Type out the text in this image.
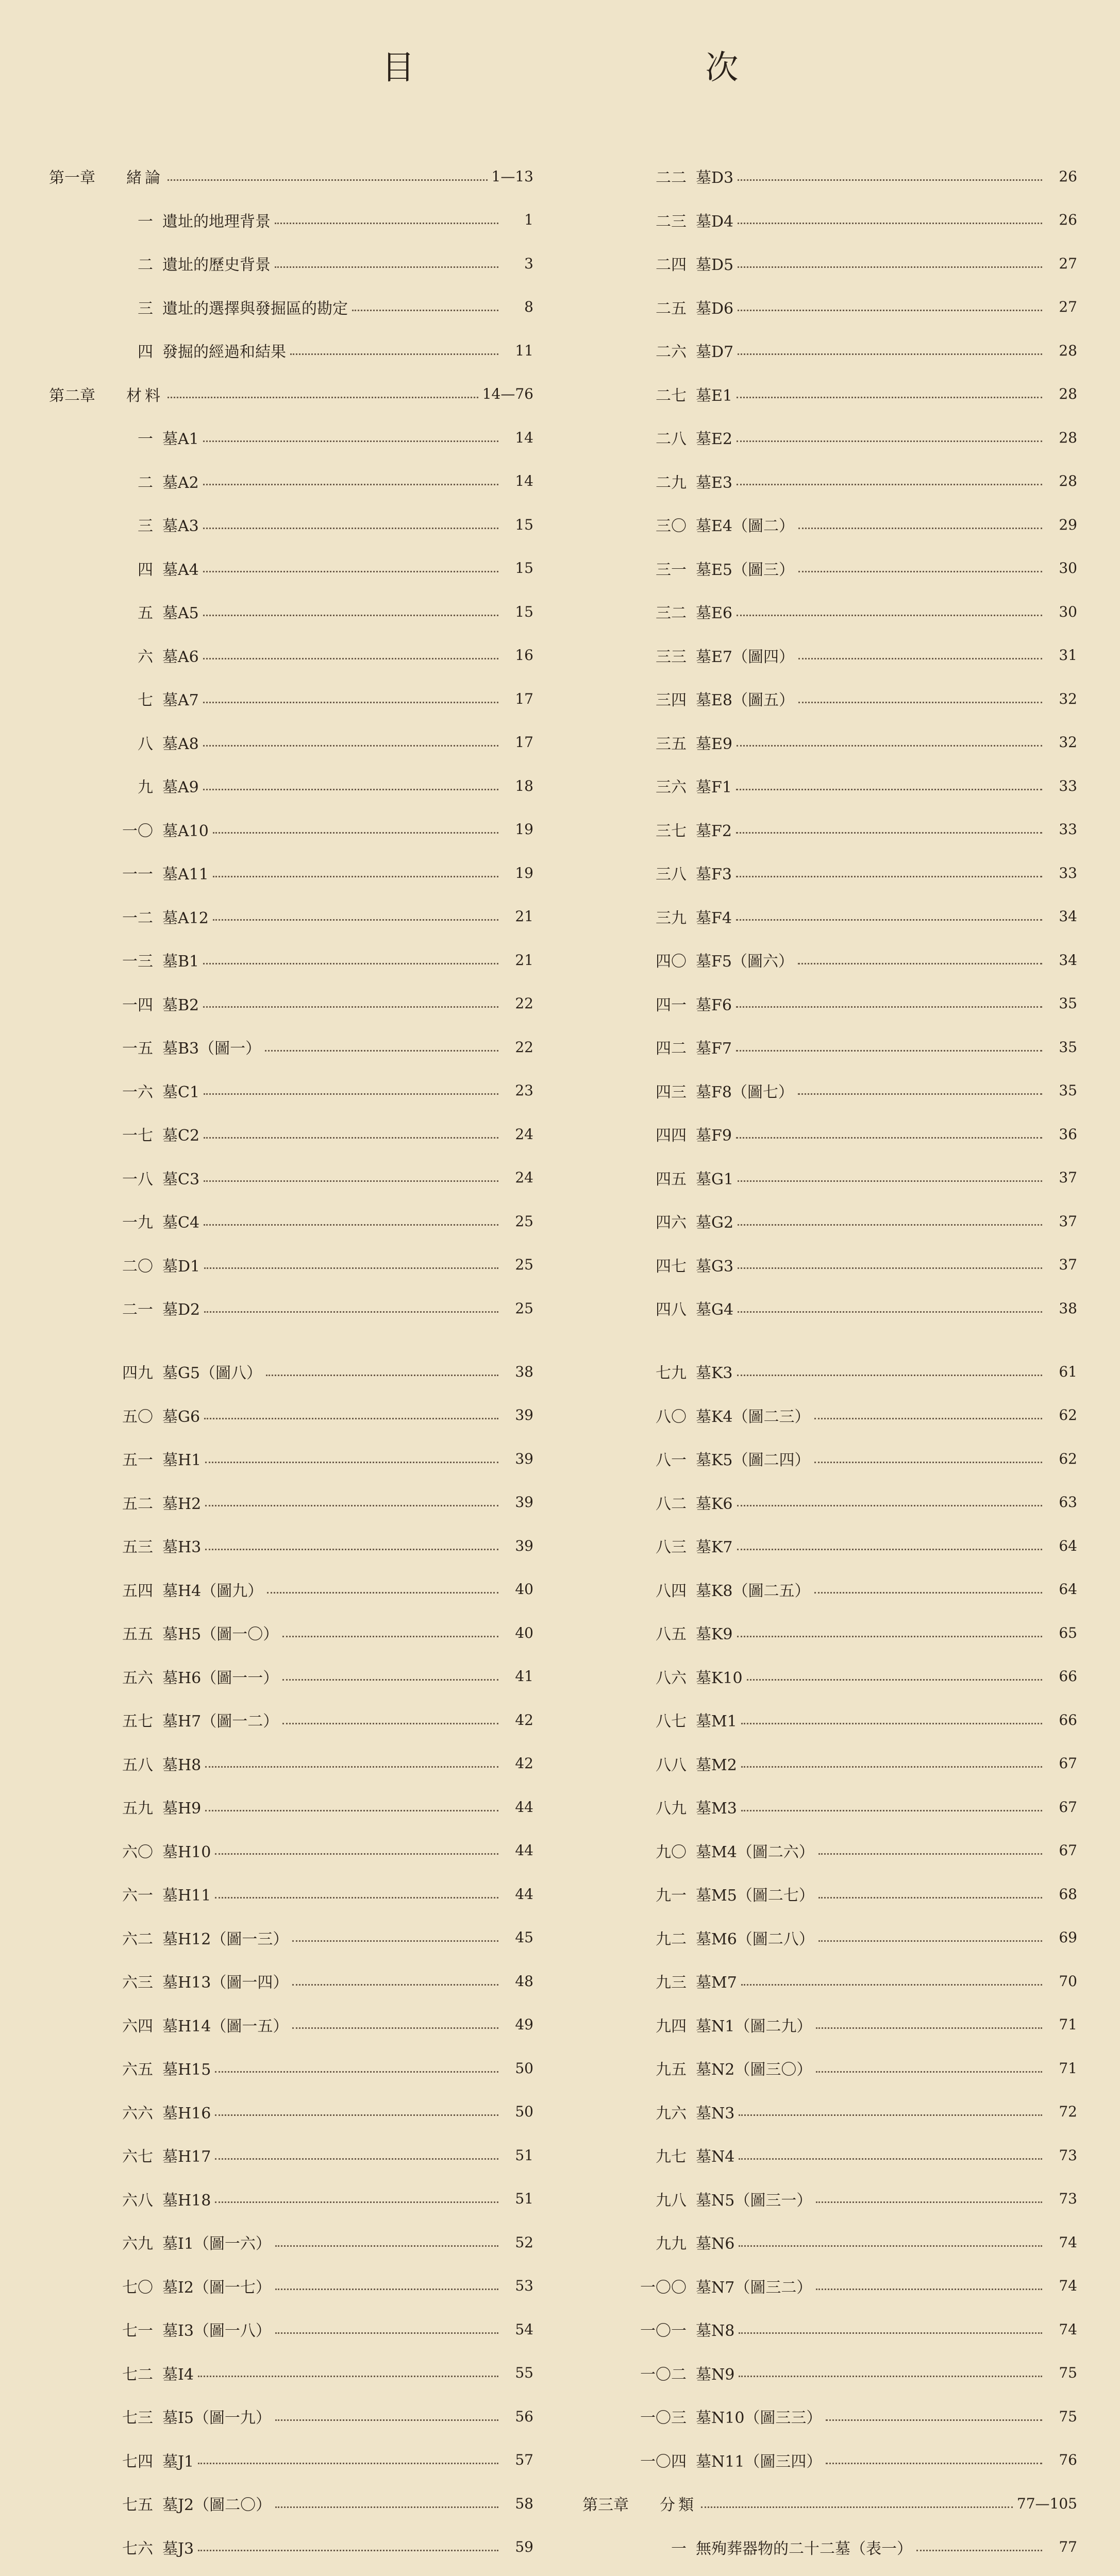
目　次
第一章	緒論	1—13
一 遺址的地理背景	1
二 遺址的歷史背景	3
三 遺址的選擇與發掘區的勘定	8
四 發掘的經過和結果	11
第二章	材料	14—76
一 墓A1	14
二 墓A2	14
三 墓A3	15
四 墓A4	15
五 墓A5	15
六 墓A6	16
七 墓A7	17
八 墓A8	17
九 墓A9	18
一〇 墓A10	19
一一 墓A11	19
一二 墓A12	21
一三 墓B1	21
一四 墓B2	22
一五 墓B3（圖一）	22
一六 墓C1	23
一七 墓C2	24
一八 墓C3	24
一九 墓C4	25
二〇 墓D1	25
二一 墓D2	25
二二 墓D3	26
二三 墓D4	26
二四 墓D5	27
二五 墓D6	27
二六 墓D7	28
二七 墓E1	28
二八 墓E2	28
二九 墓E3	28
三〇 墓E4（圖二）	29
三一 墓E5（圖三）	30
三二 墓E6	30
三三 墓E7（圖四）	31
三四 墓E8（圖五）	32
三五 墓E9	32
三六 墓F1	33
三七 墓F2	33
三八 墓F3	33
三九 墓F4	34
四〇 墓F5（圖六）	34
四一 墓F6	35
四二 墓F7	35
四三 墓F8（圖七）	35
四四 墓F9	36
四五 墓G1	37
四六 墓G2	37
四七 墓G3	37
四八 墓G4	38
四九 墓G5（圖八）	38
五〇 墓G6	39
五一 墓H1	39
五二 墓H2	39
五三 墓H3	39
五四 墓H4（圖九）	40
五五 墓H5（圖一〇）	40
五六 墓H6（圖一一）	41
五七 墓H7（圖一二）	42
五八 墓H8	42
五九 墓H9	44
六〇 墓H10	44
六一 墓H11	44
六二 墓H12（圖一三）	45
六三 墓H13（圖一四）	48
六四 墓H14（圖一五）	49
六五 墓H15	50
六六 墓H16	50
六七 墓H17	51
六八 墓H18	51
六九 墓I1（圖一六）	52
七〇 墓I2（圖一七）	53
七一 墓I3（圖一八）	54
七二 墓I4	55
七三 墓I5（圖一九）	56
七四 墓J1	57
七五 墓J2（圖二〇）	58
七六 墓J3	59
七九 墓K3	61
八〇 墓K4（圖二三）	62
八一 墓K5（圖二四）	62
八二 墓K6	63
八三 墓K7	64
八四 墓K8（圖二五）	64
八五 墓K9	65
八六 墓K10	66
八七 墓M1	66
八八 墓M2	67
八九 墓M3	67
九〇 墓M4（圖二六）	67
九一 墓M5（圖二七）	68
九二 墓M6（圖二八）	69
九三 墓M7	70
九四 墓N1（圖二九）	71
九五 墓N2（圖三〇）	71
九六 墓N3	72
九七 墓N4	73
九八 墓N5（圖三一）	73
九九 墓N6	74
一〇〇 墓N7（圖三二）	74
一〇一 墓N8	74
一〇二 墓N9	75
一〇三 墓N10（圖三三）	75
一〇四 墓N11（圖三四）	76
第三章	分類	77—105
一 無殉葬器物的二十二墓（表一）	77
